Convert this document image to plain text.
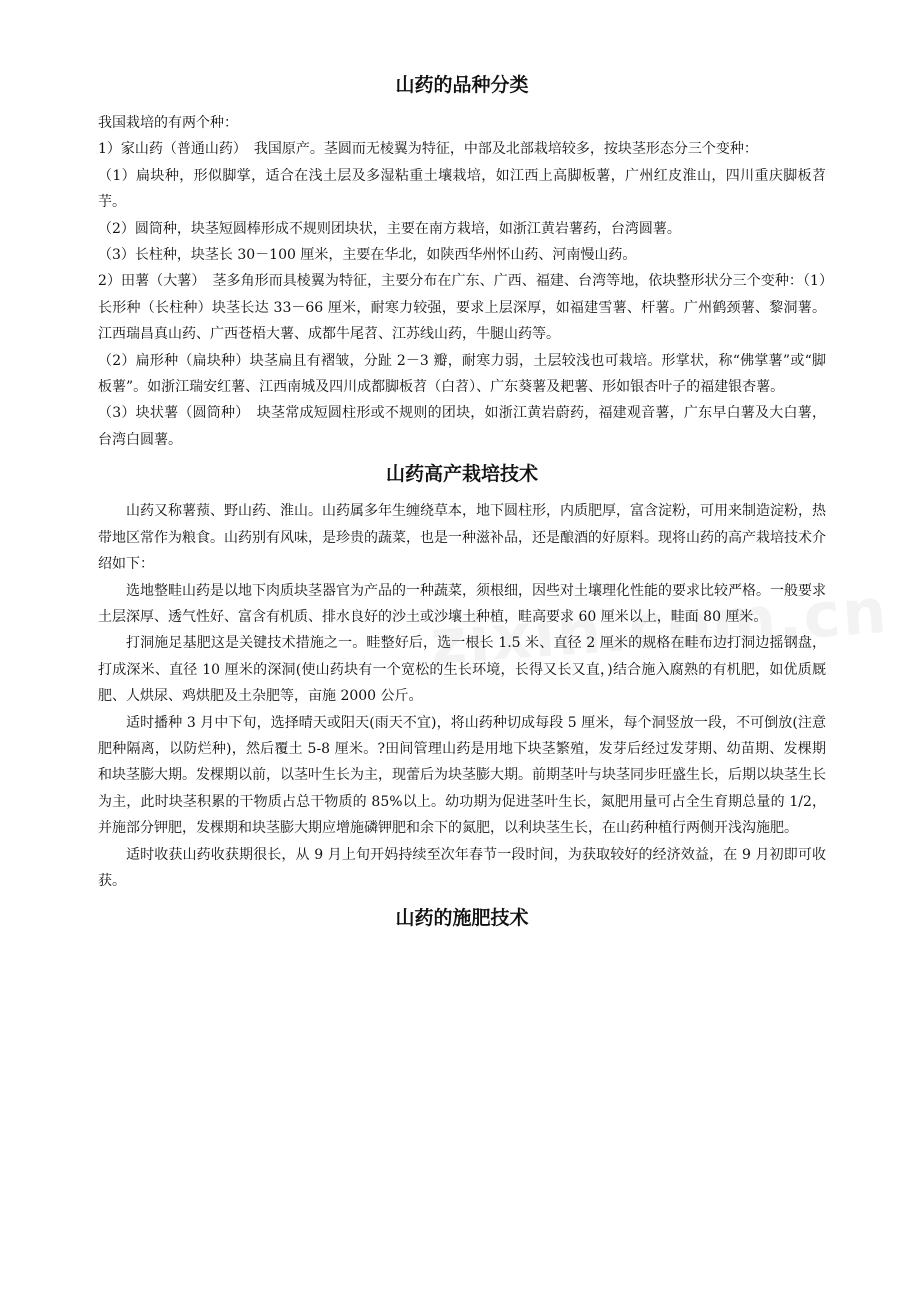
山药的品种分类

我国栽培的有两个种：

1）家山药（普通山药）　我国原产。茎圆而无棱翼为特征，中部及北部栽培较多，按块茎形态分三个变种：

（1）扁块种，形似脚掌，适合在浅土层及多湿粘重土壤栽培，如江西上高脚板薯，广州红皮淮山，四川重庆脚板苕芋。

（2）圆筒种，块茎短圆棒形成不规则团块状，主要在南方栽培，如浙江黄岩薯药，台湾圆薯。

（3）长柱种，块茎长 30－100 厘米，主要在华北，如陕西华州怀山药、河南慢山药。

2）田薯（大薯）　茎多角形而具棱翼为特征，主要分布在广东、广西、福建、台湾等地，依块整形状分三个变种：（1）长形种（长柱种）块茎长达 33－66 厘米，耐寒力较强，要求上层深厚，如福建雪薯、杆薯。广州鹤颈薯、黎洞薯。江西瑞昌真山药、广西苍梧大薯、成都牛尾苕、江苏线山药，牛腿山药等。

（2）扁形种（扁块种）块茎扁且有褶皱，分趾 2－3 瓣，耐寒力弱，土层较浅也可栽培。形掌状，称“佛掌薯”或“脚板薯”。如浙江瑞安红薯、江西南城及四川成都脚板苕（白苕）、广东葵薯及耙薯、形如银杏叶子的福建银杏薯。

（3）块状薯（圆筒种）　块茎常成短圆柱形或不规则的团块，如浙江黄岩蔚药，福建观音薯，广东早白薯及大白薯，台湾白圆薯。

山药高产栽培技术

山药又称薯蓣、野山药、淮山。山药属多年生缠绕草本，地下圆柱形，内质肥厚，富含淀粉，可用来制造淀粉，热带地区常作为粮食。山药别有风味，是珍贵的蔬菜，也是一种滋补品，还是酿酒的好原料。现将山药的高产栽培技术介绍如下：

选地整畦山药是以地下肉质块茎器官为产品的一种蔬菜，须根细，因些对土壤理化性能的要求比较严格。一般要求土层深厚、透气性好、富含有机质、排水良好的沙土或沙壤土种植，畦高要求 60 厘米以上，畦面 80 厘米。

打洞施足基肥这是关键技术措施之一。畦整好后，选一根长 1.5 米、直径 2 厘米的规格在畦布边打洞边摇钢盘，打成深米、直径 10 厘米的深洞(使山药块有一个宽松的生长环境，长得又长又直，)结合施入腐熟的有机肥，如优质厩肥、人烘尿、鸡烘肥及土杂肥等，亩施 2000 公斤。

适时播种 3 月中下旬，选择晴天或阳天(雨天不宜)，将山药种切成每段 5 厘米，每个洞竖放一段，不可倒放(注意肥种隔离，以防烂种)，然后覆土 5-8 厘米。?田间管理山药是用地下块茎繁殖，发芽后经过发芽期、幼苗期、发棵期和块茎膨大期。发棵期以前，以茎叶生长为主，现蕾后为块茎膨大期。前期茎叶与块茎同步旺盛生长，后期以块茎生长为主，此时块茎积累的干物质占总干物质的 85%以上。幼功期为促进茎叶生长，氮肥用量可占全生育期总量的 1/2，并施部分钾肥，发棵期和块茎膨大期应增施磷钾肥和余下的氮肥，以利块茎生长，在山药种植行两侧开浅沟施肥。

适时收获山药收获期很长，从 9 月上旬开妈持续至次年春节一段时间，为获取较好的经济效益，在 9 月初即可收获。

山药的施肥技术
